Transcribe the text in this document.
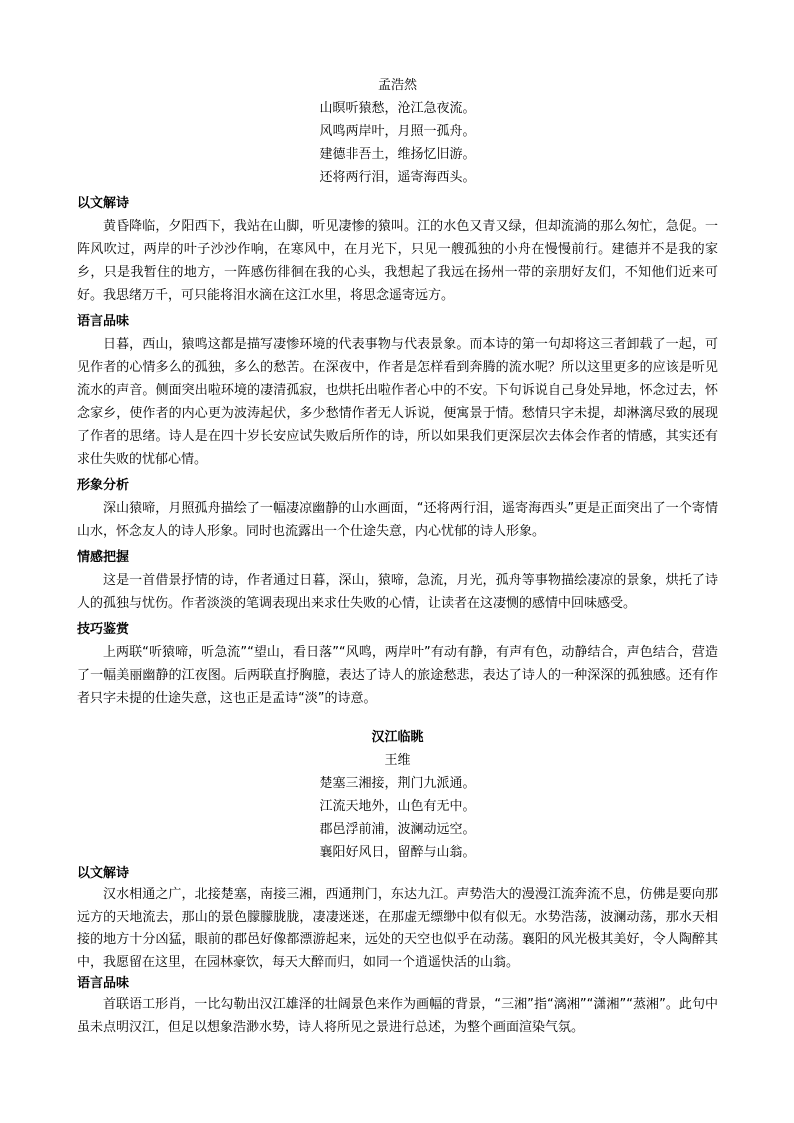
孟浩然
山暝听猿愁，沧江急夜流。
风鸣两岸叶，月照一孤舟。
建德非吾土，维扬忆旧游。
还将两行泪，遥寄海西头。
以文解诗

黄昏降临，夕阳西下，我站在山脚，听见凄惨的猿叫。江的水色又青又绿，但却流淌的那么匆忙，急促。一阵风吹过，两岸的叶子沙沙作响，在寒风中，在月光下，只见一艘孤独的小舟在慢慢前行。建德并不是我的家乡，只是我暂住的地方，一阵感伤徘徊在我的心头，我想起了我远在扬州一带的亲朋好友们，不知他们近来可好。我思绪万千，可只能将泪水滴在这江水里，将思念遥寄远方。

语言品味

日暮，西山，猿鸣这都是描写凄惨环境的代表事物与代表景象。而本诗的第一句却将这三者卸载了一起，可见作者的心情多么的孤独，多么的愁苦。在深夜中，作者是怎样看到奔腾的流水呢？所以这里更多的应该是听见流水的声音。侧面突出啦环境的凄清孤寂，也烘托出啦作者心中的不安。下句诉说自己身处异地，怀念过去，怀念家乡，使作者的内心更为波涛起伏，多少愁情作者无人诉说，便寓景于情。愁情只字未提，却淋漓尽致的展现了作者的思绪。诗人是在四十岁长安应试失败后所作的诗，所以如果我们更深层次去体会作者的情感，其实还有求仕失败的忧郁心情。

形象分析

深山猿啼，月照孤舟描绘了一幅凄凉幽静的山水画面，“还将两行泪，遥寄海西头”更是正面突出了一个寄情山水，怀念友人的诗人形象。同时也流露出一个仕途失意，内心忧郁的诗人形象。

情感把握

这是一首借景抒情的诗，作者通过日暮，深山，猿啼，急流，月光，孤舟等事物描绘凄凉的景象，烘托了诗人的孤独与忧伤。作者淡淡的笔调表现出来求仕失败的心情，让读者在这凄恻的感情中回味感受。

技巧鉴赏

上两联“听猿啼，听急流”“望山，看日落”“风鸣，两岸叶”有动有静，有声有色，动静结合，声色结合，营造了一幅美丽幽静的江夜图。后两联直抒胸臆，表达了诗人的旅途愁悲，表达了诗人的一种深深的孤独感。还有作者只字未提的仕途失意，这也正是孟诗“淡”的诗意。

汉江临眺
王维
楚塞三湘接，荆门九派通。
江流天地外，山色有无中。
郡邑浮前浦，波澜动远空。
襄阳好风日，留醉与山翁。
以文解诗

汉水相通之广，北接楚塞，南接三湘，西通荆门，东达九江。声势浩大的漫漫江流奔流不息，仿佛是要向那远方的天地流去，那山的景色朦朦胧胧，凄凄迷迷，在那虚无缥缈中似有似无。水势浩荡，波澜动荡，那水天相接的地方十分凶猛，眼前的郡邑好像都漂游起来，远处的天空也似乎在动荡。襄阳的风光极其美好，令人陶醉其中，我愿留在这里，在园林豪饮，每天大醉而归，如同一个逍遥快活的山翁。

语言品味

首联语工形肖，一比勾勒出汉江雄泽的壮阔景色来作为画幅的背景，“三湘”指“漓湘”“潇湘”“蒸湘”。此句中虽未点明汉江，但足以想象浩渺水势，诗人将所见之景进行总述，为整个画面渲染气氛。
